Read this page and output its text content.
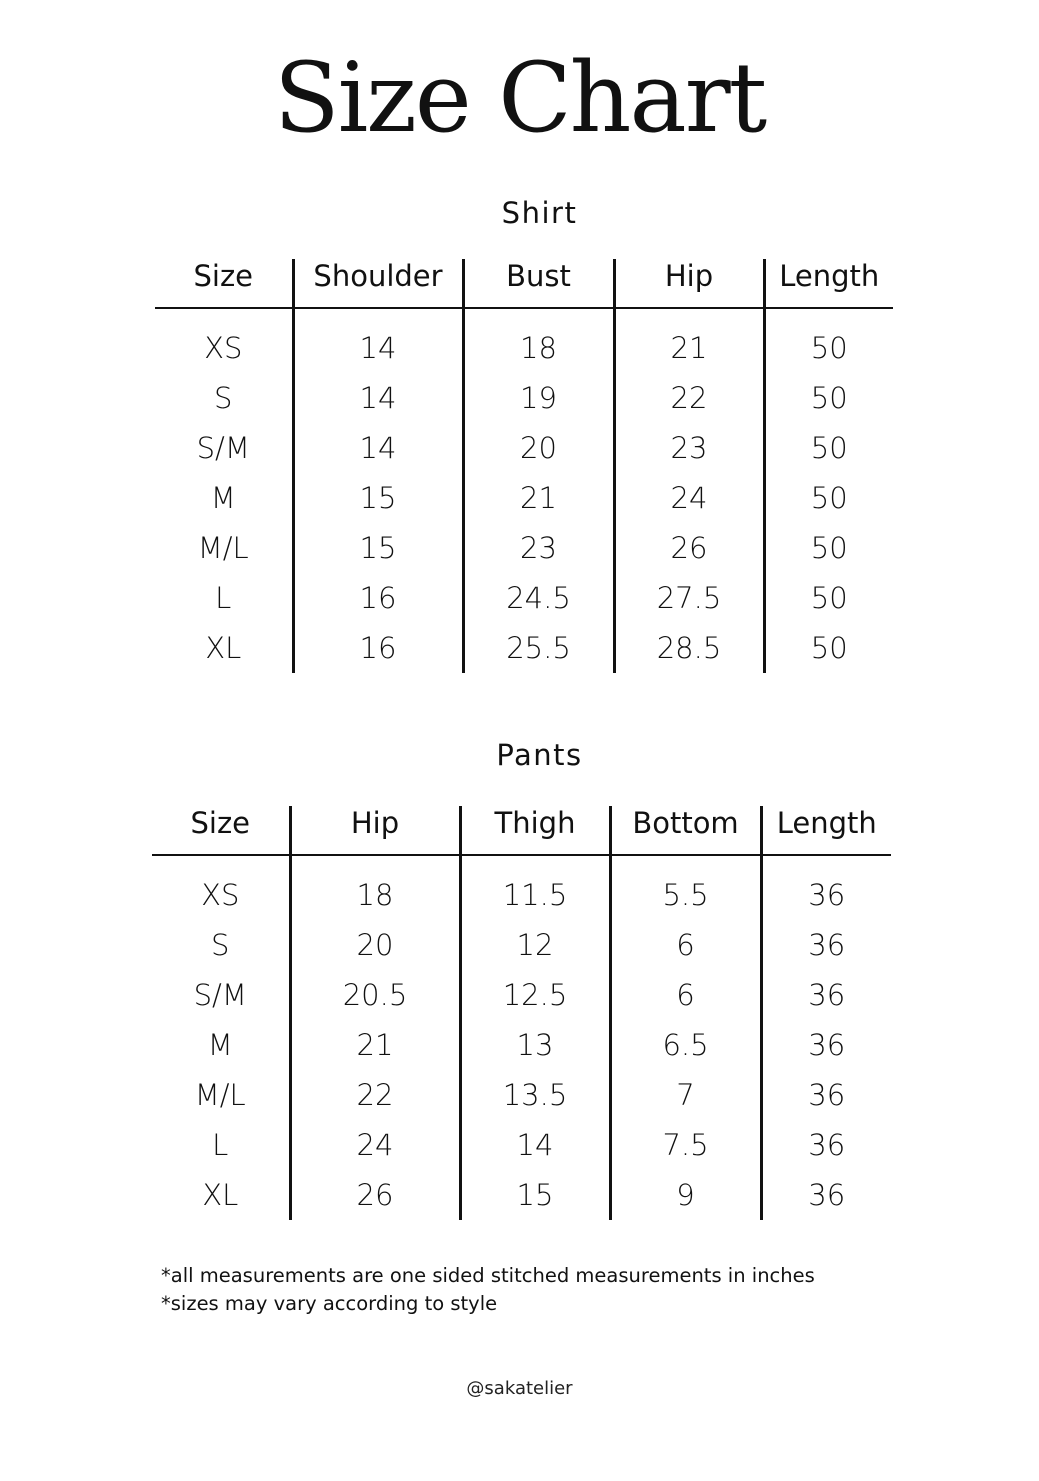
Size Chart
Shirt
Size	Shoulder	Bust	Hip	Length
XS	14	18	21	50
S	14	19	22	50
S/M	14	20	23	50
M	15	21	24	50
M/L	15	23	26	50
L	16	24.5	27.5	50
XL	16	25.5	28.5	50
Pants
Size	Hip	Thigh	Bottom	Length
XS	18	11.5	5.5	36
S	20	12	6	36
S/M	20.5	12.5	6	36
M	21	13	6.5	36
M/L	22	13.5	7	36
L	24	14	7.5	36
XL	26	15	9	36
*all measurements are one sided stitched measurements in inches
*sizes may vary according to style
@sakatelier
